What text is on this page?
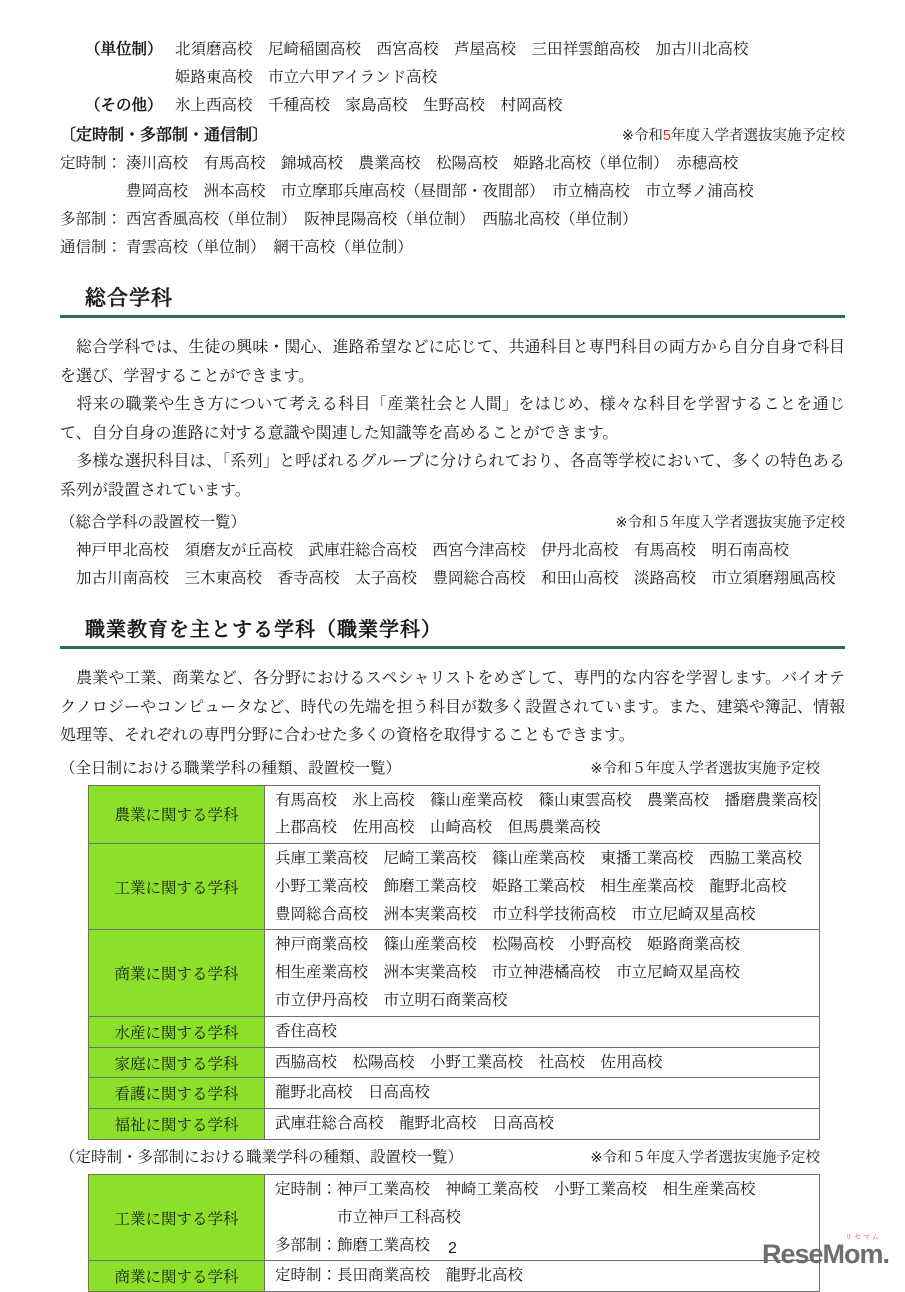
（単位制） 北須磨高校　尼崎稲園高校　西宮高校　芦屋高校　三田祥雲館高校　加古川北高校
姫路東高校　市立六甲アイランド高校
（その他） 氷上西高校　千種高校　家島高校　生野高校　村岡高校
〔定時制・多部制・通信制〕	※令和5年度入学者選抜実施予定校
定時制： 湊川高校　有馬高校　錦城高校　農業高校　松陽高校　姫路北高校（単位制）　赤穂高校
豊岡高校　洲本高校　市立摩耶兵庫高校（昼間部・夜間部）　市立楠高校　市立琴ノ浦高校
多部制： 西宮香風高校（単位制）　阪神昆陽高校（単位制）　西脇北高校（単位制）
通信制： 青雲高校（単位制）　網干高校（単位制）
総合学科

　総合学科では、生徒の興味・関心、進路希望などに応じて、共通科目と専門科目の両方から自分自身で科目を選び、学習することができます。

　将来の職業や生き方について考える科目「産業社会と人間」をはじめ、様々な科目を学習することを通じて、自分自身の進路に対する意識や関連した知識等を高めることができます。

　多様な選択科目は、「系列」と呼ばれるグループに分けられており、各高等学校において、多くの特色ある系列が設置されています。

（総合学科の設置校一覧）	※令和５年度入学者選抜実施予定校
神戸甲北高校　須磨友が丘高校　武庫荘総合高校　西宮今津高校　伊丹北高校　有馬高校　明石南高校
加古川南高校　三木東高校　香寺高校　太子高校　豊岡総合高校　和田山高校　淡路高校　市立須磨翔風高校
職業教育を主とする学科（職業学科）

　農業や工業、商業など、各分野におけるスペシャリストをめざして、専門的な内容を学習します。バイオテクノロジーやコンピュータなど、時代の先端を担う科目が数多く設置されています。また、建築や簿記、情報処理等、それぞれの専門分野に合わせた多くの資格を取得することもできます。

（全日制における職業学科の種類、設置校一覧）	※令和５年度入学者選抜実施予定校
農業に関する学科
有馬高校　氷上高校　篠山産業高校　篠山東雲高校　農業高校　播磨農業高校
上郡高校　佐用高校　山崎高校　但馬農業高校
工業に関する学科
兵庫工業高校　尼崎工業高校　篠山産業高校　東播工業高校　西脇工業高校
小野工業高校　飾磨工業高校　姫路工業高校　相生産業高校　龍野北高校
豊岡総合高校　洲本実業高校　市立科学技術高校　市立尼崎双星高校
商業に関する学科
神戸商業高校　篠山産業高校　松陽高校　小野高校　姫路商業高校
相生産業高校　洲本実業高校　市立神港橘高校　市立尼崎双星高校
市立伊丹高校　市立明石商業高校
水産に関する学科	香住高校
家庭に関する学科	西脇高校　松陽高校　小野工業高校　社高校　佐用高校
看護に関する学科	龍野北高校　日高高校
福祉に関する学科	武庫荘総合高校　龍野北高校　日高高校
（定時制・多部制における職業学科の種類、設置校一覧）	※令和５年度入学者選抜実施予定校
工業に関する学科
定時制：神戸工業高校　神崎工業高校　小野工業高校　相生産業高校
　　　　市立神戸工科高校
多部制：飾磨工業高校
商業に関する学科	定時制：長田商業高校　龍野北高校
2
リセマム
ReseMom.
